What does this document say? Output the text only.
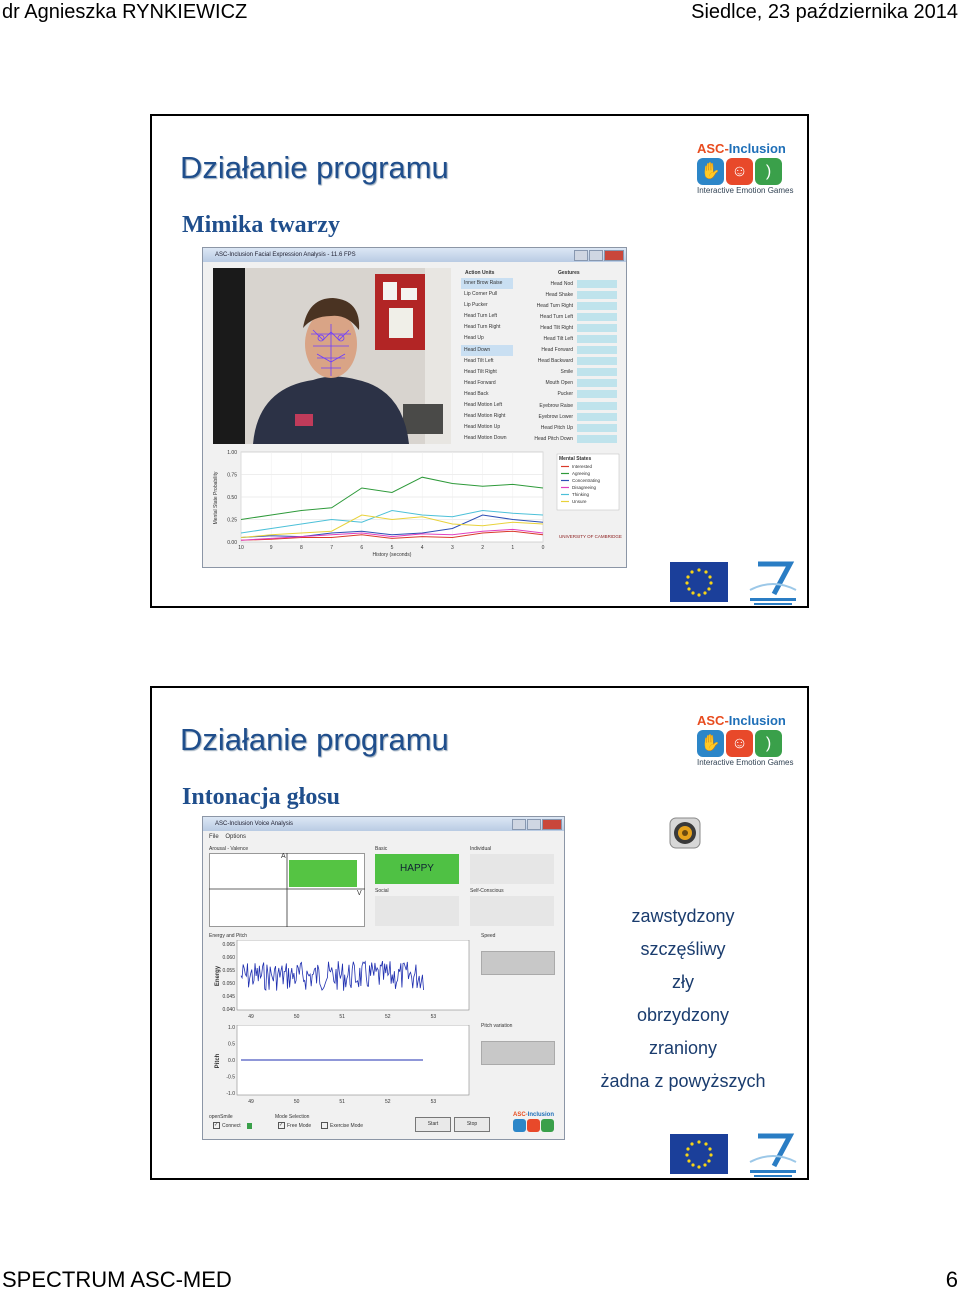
dr Agnieszka RYNKIEWICZ	Siedlce, 23 października 2014
Działanie programu
Mimika twarzy
ASC-Inclusion
✋ ☺	)
Interactive Emotion Games
ASC-Inclusion Facial Expression Analysis - 11.6 FPS
Action Units
Inner Brow Raise
Lip Corner Pull
Lip Pucker
Head Turn Left
Head Turn Right
Head Up
Head Down
Head Tilt Left
Head Tilt Right
Head Forward
Head Back
Head Motion Left
Head Motion Right
Head Motion Up
Head Motion Down
Gestures
Head Nod
Head Shake
Head Turn Right
Head Turn Left
Head Tilt Right
Head Tilt Left
Head Forward
Head Backward
Smile
Mouth Open
Pucker
Eyebrow Raise
Eyebrow Lower
Head Pitch Up
Head Pitch Down
1.00
0.75
0.50
0.25
0.00
10	9	8	7	6	5	4	3	2	1	0
Mental State Probability
History (seconds)
Mental States
Interested
Agreeing
Concentrating
Disagreeing
Thinking
Unsure
UNIVERSITY OF CAMBRIDGE
Działanie programu
Intonacja głosu
ASC-Inclusion
✋ ☺	)
Interactive Emotion Games
ASC-Inclusion Voice Analysis
File Options
Arousal - Valence
A
V
Basic
HAPPY
Individual
Social	Self-Conscious
Energy and Pitch
0.065
0.060
0.055
0.050
0.045
0.040
49	50	51	52	53
Energy
1.0
0.5
0.0
-0.5
-1.0
49	50	51	52	53
Pitch
Speed
Pitch variation
openSmile
✓ Connect
Mode Selection
✓ Free Mode	Exercise Mode	Start	Stop
ASC-Inclusion
zawstydzony
szczęśliwy
zły
obrzydzony
zraniony
żadna z powyższych
SPECTRUM ASC-MED	6
